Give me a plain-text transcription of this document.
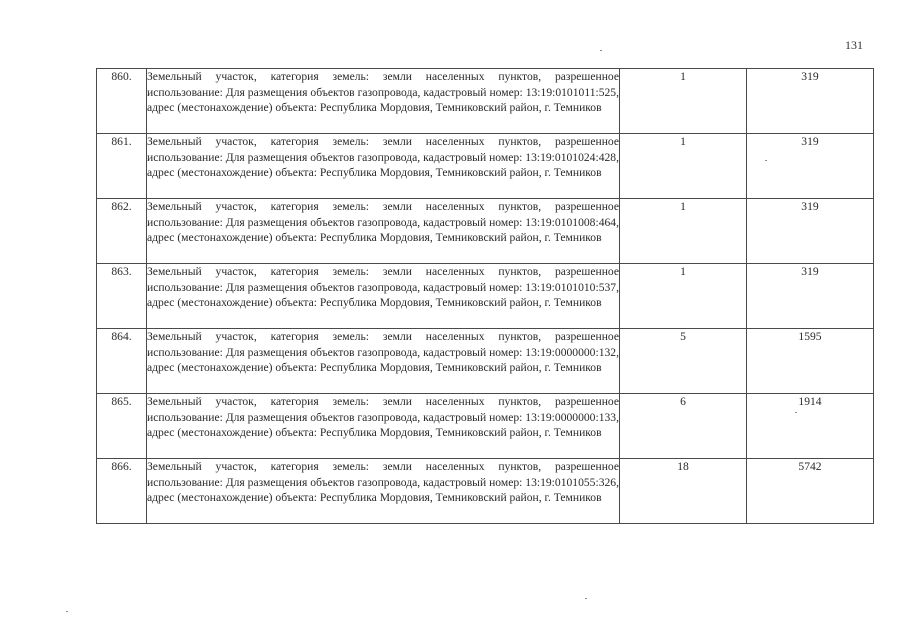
131
860.	Земельный участок, категория земель: земли населенных пунктов, разрешенное использование: Для размещения объектов газопровода, кадастровый номер: 13:19:0101011:525, адрес (местонахождение) объекта: Республика Мордовия, Темниковский район, г. Темников	1	319
861.	Земельный участок, категория земель: земли населенных пунктов, разрешенное использование: Для размещения объектов газопровода, кадастровый номер: 13:19:0101024:428, адрес (местонахождение) объекта: Республика Мордовия, Темниковский район, г. Темников	1	319
862.	Земельный участок, категория земель: земли населенных пунктов, разрешенное использование: Для размещения объектов газопровода, кадастровый номер: 13:19:0101008:464, адрес (местонахождение) объекта: Республика Мордовия, Темниковский район, г. Темников	1	319
863.	Земельный участок, категория земель: земли населенных пунктов, разрешенное использование: Для размещения объектов газопровода, кадастровый номер: 13:19:0101010:537, адрес (местонахождение) объекта: Республика Мордовия, Темниковский район, г. Темников	1	319
864.	Земельный участок, категория земель: земли населенных пунктов, разрешенное использование: Для размещения объектов газопровода, кадастровый номер: 13:19:0000000:132, адрес (местонахождение) объекта: Республика Мордовия, Темниковский район, г. Темников	5	1595
865.	Земельный участок, категория земель: земли населенных пунктов, разрешенное использование: Для размещения объектов газопровода, кадастровый номер: 13:19:0000000:133, адрес (местонахождение) объекта: Республика Мордовия, Темниковский район, г. Темников	6	1914
866.	Земельный участок, категория земель: земли населенных пунктов, разрешенное использование: Для размещения объектов газопровода, кадастровый номер: 13:19:0101055:326, адрес (местонахождение) объекта: Республика Мордовия, Темниковский район, г. Темников	18	5742
